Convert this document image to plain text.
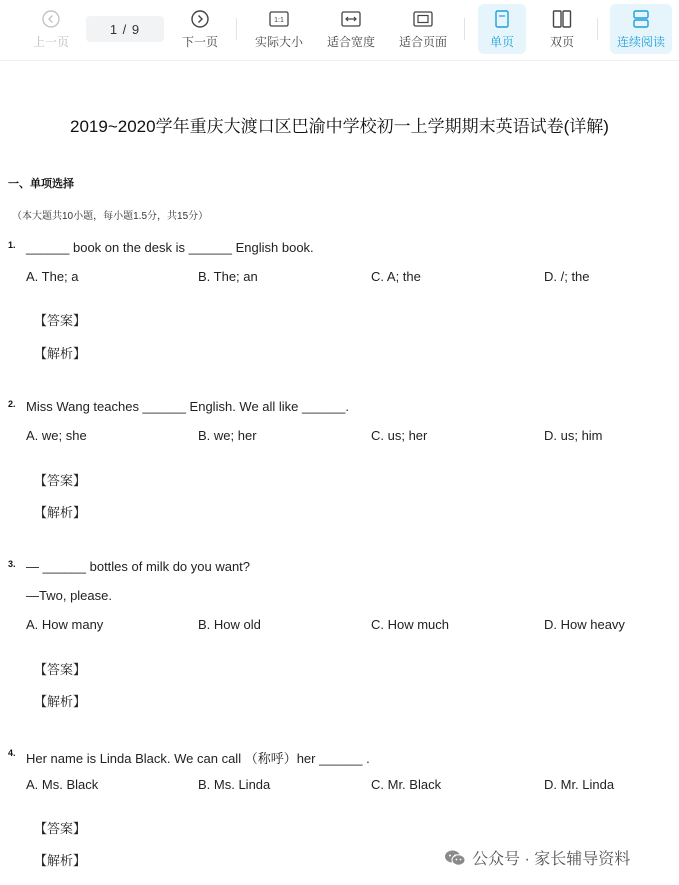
上一页
1 / 9
下一页
1:1
实际大小 适合宽度 适合页面	单页	双页	连续阅读
2019~2020学年重庆大渡口区巴渝中学校初一上学期期末英语试卷(详解)
一、单项选择
（本大题共10小题，每小题1.5分，共15分）
1. ______ book on the desk is ______ English book.
A. The; a	B. The; an	C. A; the	D. /; the
【答案】
【解析】
2. Miss Wang teaches ______ English. We all like ______.
A. we; she	B. we; her	C. us; her	D. us; him
【答案】
【解析】
3. — ______ bottles of milk do you want?
—Two, please.
A. How many	B. How old	C. How much	D. How heavy
【答案】
【解析】
4. Her name is Linda Black. We can call （称呼）her ______ .
A. Ms. Black	B. Ms. Linda	C. Mr. Black	D. Mr. Linda
【答案】
【解析】	公众号 · 家长辅导资料
